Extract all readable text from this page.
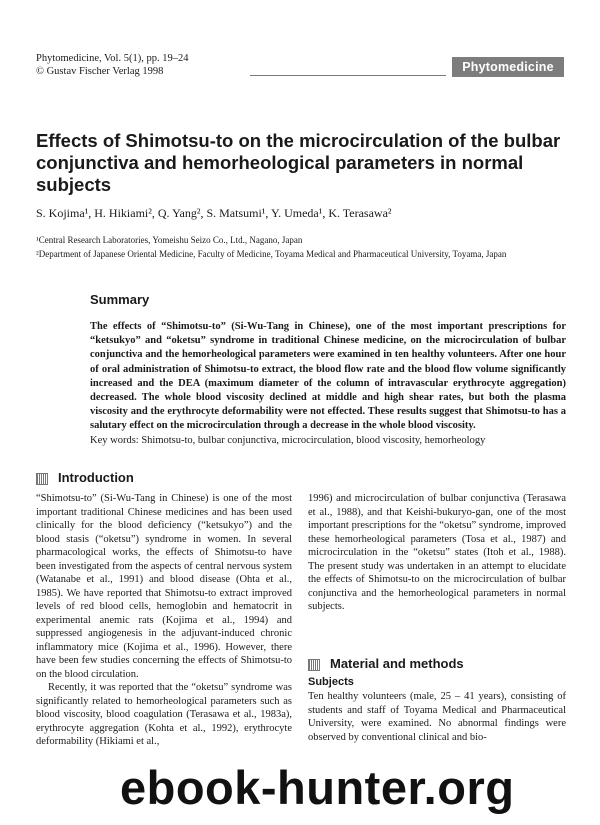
Phytomedicine, Vol. 5(1), pp. 19–24
© Gustav Fischer Verlag 1998	Phytomedicine
Effects of Shimotsu-to on the microcirculation of the bulbar conjunctiva and hemorheological parameters in normal subjects
S. Kojima¹, H. Hikiami², Q. Yang², S. Matsumi¹, Y. Umeda¹, K. Terasawa²
¹Central Research Laboratories, Yomeishu Seizo Co., Ltd., Nagano, Japan
²Department of Japanese Oriental Medicine, Faculty of Medicine, Toyama Medical and Pharmaceutical University, Toyama, Japan
Summary
The effects of “Shimotsu-to” (Si-Wu-Tang in Chinese), one of the most important prescriptions for “ketsukyo” and “oketsu” syndrome in traditional Chinese medicine, on the microcirculation of bulbar conjunctiva and the hemorheological parameters were examined in ten healthy volunteers. After one hour of oral administration of Shimotsu-to extract, the blood flow rate and the blood flow volume significantly increased and the DEA (maximum diameter of the column of intravascular erythrocyte aggregation) decreased. The whole blood viscosity declined at middle and high shear rates, but both the plasma viscosity and the erythrocyte deformability were not effected. These results suggest that Shimotsu-to has a salutary effect on the microcirculation through a decrease in the whole blood viscosity.
Key words: Shimotsu-to, bulbar conjunctiva, microcirculation, blood viscosity, hemorheology
Introduction

“Shimotsu-to” (Si-Wu-Tang in Chinese) is one of the most important traditional Chinese medicines and has been used clinically for the blood deficiency (“ketsukyo”) and the blood stasis (“oketsu”) syndrome in women. In several pharmacological works, the effects of Shimotsu-to have been investigated from the aspects of central nervous system (Watanabe et al., 1991) and blood disease (Ohta et al., 1985). We have reported that Shimotsu-to extract improved levels of red blood cells, hemoglobin and hematocrit in experimental anemic rats (Kojima et al., 1994) and suppressed angiogenesis in the adjuvant-induced chronic inflammatory mice (Kojima et al., 1996). However, there have been few studies concerning the effects of Shimotsu-to on the blood circulation.

Recently, it was reported that the “oketsu” syndrome was significantly related to hemorheological parameters such as blood viscosity, blood coagulation (Terasawa et al., 1983a), erythrocyte aggregation (Kohta et al., 1992), erythrocyte deformability (Hikiami et al.,

1996) and microcirculation of bulbar conjunctiva (Terasawa et al., 1988), and that Keishi-bukuryo-gan, one of the most important prescriptions for the “oketsu” syndrome, improved these hemorheological parameters (Tosa et al., 1987) and microcirculation in the “oketsu” states (Itoh et al., 1988). The present study was undertaken in an attempt to elucidate the effects of Shimotsu-to on the microcirculation of bulbar conjunctiva and the hemorheological parameters in normal subjects.

Material and methods
Subjects
Ten healthy volunteers (male, 25 – 41 years), consisting of students and staff of Toyama Medical and Pharmaceutical University, were examined. No abnormal findings were observed by conventional clinical and bio-
ebook-hunter.org
